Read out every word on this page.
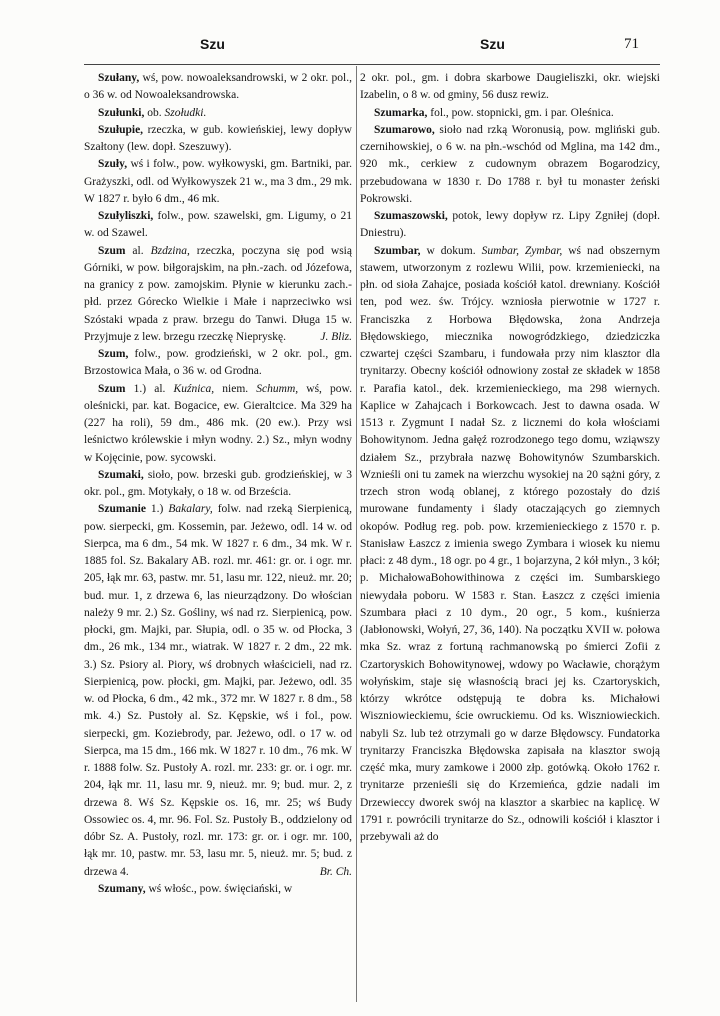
Szu	Szu	71

Szułany, wś, pow. nowoaleksandrowski, w 2 okr. pol., o 36 w. od Nowoaleksandrowska.

Szułunki, ob. Szołudki.

Szułupie, rzeczka, w gub. kowieńskiej, lewy dopływ Szałtony (lew. dopł. Szeszuwy).

Szuły, wś i folw., pow. wyłkowyski, gm. Bartniki, par. Grażyszki, odl. od Wyłkowyszek 21 w., ma 3 dm., 29 mk. W 1827 r. było 6 dm., 46 mk.

Szułyliszki, folw., pow. szawelski, gm. Ligumy, o 21 w. od Szawel.

Szum al. Bzdzina, rzeczka, poczyna się pod wsią Górniki, w pow. biłgorajskim, na płn.-zach. od Józefowa, na granicy z pow. zamojskim. Płynie w kierunku zach.-płd. przez Górecko Wielkie i Małe i naprzeciwko wsi Szóstaki wpada z praw. brzegu do Tanwi. Długa 15 w. Przyjmuje z lew. brzegu rzeczkę Niepryskę.	J. Bliz.

Szum, folw., pow. grodzieński, w 2 okr. pol., gm. Brzostowica Mała, o 36 w. od Grodna.

Szum 1.) al. Kuźnica, niem. Schumm, wś, pow. oleśnicki, par. kat. Bogacice, ew. Gieraltcice. Ma 329 ha (227 ha roli), 59 dm., 486 mk. (20 ew.). Przy wsi leśnictwo królewskie i młyn wodny. 2.) Sz., młyn wodny w Kojęcinie, pow. sycowski.

Szumaki, sioło, pow. brzeski gub. grodzieńskiej, w 3 okr. pol., gm. Motykały, o 18 w. od Brześcia.

Szumanie 1.) Bakalary, folw. nad rzeką Sierpienicą, pow. sierpecki, gm. Kossemin, par. Jeżewo, odl. 14 w. od Sierpca, ma 6 dm., 54 mk. W 1827 r. 6 dm., 34 mk. W r. 1885 fol. Sz. Bakalary AB. rozl. mr. 461: gr. or. i ogr. mr. 205, łąk mr. 63, pastw. mr. 51, lasu mr. 122, nieuż. mr. 20; bud. mur. 1, z drzewa 6, las nieurządzony. Do włościan należy 9 mr. 2.) Sz. Gośliny, wś nad rz. Sierpienicą, pow. płocki, gm. Majki, par. Słupia, odl. o 35 w. od Płocka, 3 dm., 26 mk., 134 mr., wiatrak. W 1827 r. 2 dm., 22 mk. 3.) Sz. Psiory al. Piory, wś drobnych właścicieli, nad rz. Sierpienicą, pow. płocki, gm. Majki, par. Jeżewo, odl. 35 w. od Płocka, 6 dm., 42 mk., 372 mr. W 1827 r. 8 dm., 58 mk. 4.) Sz. Pustoły al. Sz. Kępskie, wś i fol., pow. sierpecki, gm. Koziebrody, par. Jeżewo, odl. o 17 w. od Sierpca, ma 15 dm., 166 mk. W 1827 r. 10 dm., 76 mk. W r. 1888 folw. Sz. Pustoły A. rozl. mr. 233: gr. or. i ogr. mr. 204, łąk mr. 11, lasu mr. 9, nieuż. mr. 9; bud. mur. 2, z drzewa 8. Wś Sz. Kępskie os. 16, mr. 25; wś Budy Ossowiec os. 4, mr. 96. Fol. Sz. Pustoły B., oddzielony od dóbr Sz. A. Pustoły, rozl. mr. 173: gr. or. i ogr. mr. 100, łąk mr. 10, pastw. mr. 53, lasu mr. 5, nieuż. mr. 5; bud. z drzewa 4.	Br. Ch.

Szumany, wś włośc., pow. święciański, w

2 okr. pol., gm. i dobra skarbowe Daugieliszki, okr. wiejski Izabelin, o 8 w. od gminy, 56 dusz rewiz.

Szumarka, fol., pow. stopnicki, gm. i par. Oleśnica.

Szumarowo, sioło nad rzką Woronusią, pow. mgliński gub. czernihowskiej, o 6 w. na płn.-wschód od Mglina, ma 142 dm., 920 mk., cerkiew z cudownym obrazem Bogarodzicy, przebudowana w 1830 r. Do 1788 r. był tu monaster żeński Pokrowski.

Szumaszowski, potok, lewy dopływ rz. Lipy Zgniłej (dopł. Dniestru).

Szumbar, w dokum. Sumbar, Zymbar, wś nad obszernym stawem, utworzonym z rozlewu Wilii, pow. krzemieniecki, na płn. od sioła Zahajce, posiada kościół katol. drewniany. Kościół ten, pod wez. św. Trójcy. wzniosła pierwotnie w 1727 r. Franciszka z Horbowa Błędowska, żona Andrzeja Błędowskiego, miecznika nowogródzkiego, dziedziczka czwartej części Szambaru, i fundowała przy nim klasztor dla trynitarzy. Obecny kościół odnowiony został ze składek w 1858 r. Parafia katol., dek. krzemienieckiego, ma 298 wiernych. Kaplice w Zahajcach i Borkowcach. Jest to dawna osada. W 1513 r. Zygmunt I nadał Sz. z licznemi do koła włościami Bohowitynom. Jedna gałęź rozrodzonego tego domu, wziąwszy działem Sz., przybrała nazwę Bohowitynów Szumbarskich. Wznieśli oni tu zamek na wierzchu wysokiej na 20 sążni góry, z trzech stron wodą oblanej, z którego pozostały do dziś murowane fundamenty i ślady otaczających go ziemnych okopów. Podług reg. pob. pow. krzemienieckiego z 1570 r. p. Stanisław Łaszcz z imienia swego Zymbara i wiosek ku niemu płaci: z 48 dym., 18 ogr. po 4 gr., 1 bojarzyna, 2 kół młyn., 3 kół; p. MichałowaBohowithinowa z części im. Sumbarskiego niewydała poboru. W 1583 r. Stan. Łaszcz z części imienia Szumbara płaci z 10 dym., 20 ogr., 5 kom., kuśnierza (Jabłonowski, Wołyń, 27, 36, 140). Na początku XVII w. połowa mka Sz. wraz z fortuną rachmanowską po śmierci Zofii z Czartoryskich Bohowitynowej, wdowy po Wacławie, chorążym wołyńskim, staje się własnością braci jej ks. Czartoryskich, którzy wkrótce odstępują te dobra ks. Michałowi Wiszniowieckiemu, ście owruckiemu. Od ks. Wiszniowieckich. nabyli Sz. lub też otrzymali go w darze Błędowscy. Fundatorka trynitarzy Franciszka Błędowska zapisała na klasztor swoją część mka, mury zamkowe i 2000 złp. gotówką. Około 1762 r. trynitarze przenieśli się do Krzemieńca, gdzie nadali im Drzewieccy dworek swój na klasztor a skarbiec na kaplicę. W 1791 r. powrócili trynitarze do Sz., odnowili kościół i klasztor i przebywali aż do
